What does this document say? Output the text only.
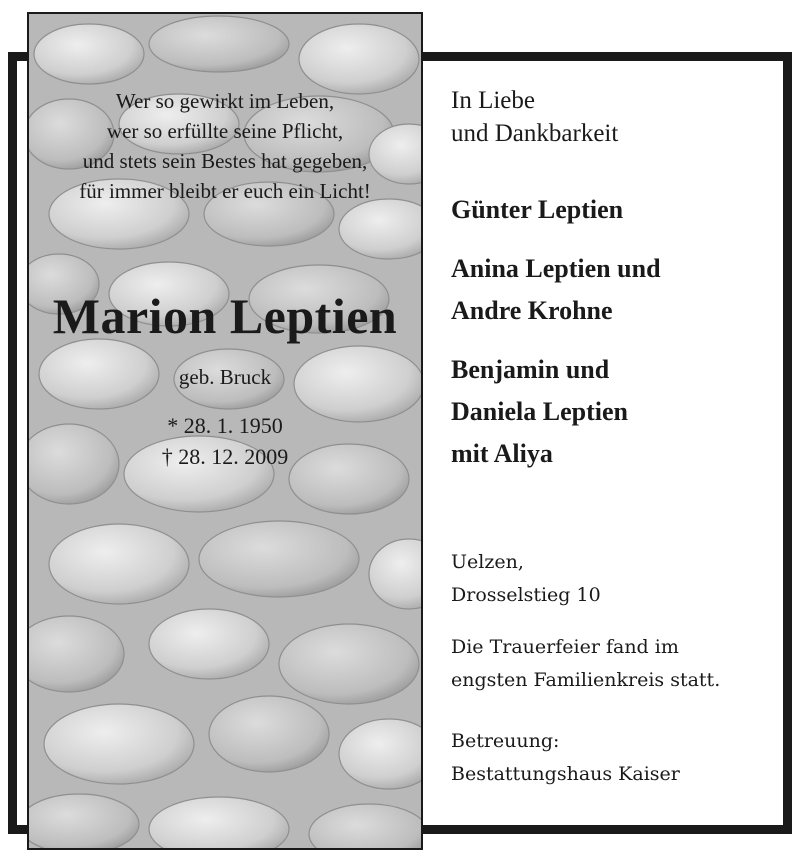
Wer so gewirkt im Leben,
wer so erfüllte seine Pflicht,
und stets sein Bestes hat gegeben,
für immer bleibt er euch ein Licht!
Marion Leptien
geb. Bruck
* 28. 1. 1950
† 28. 12. 2009
In Liebe
und Dankbarkeit
Günter Leptien
Anina Leptien und
Andre Krohne
Benjamin und
Daniela Leptien
mit Aliya
Uelzen,
Drosselstieg 10
Die Trauerfeier fand im
engsten Familienkreis statt.
Betreuung:
Bestattungshaus Kaiser
